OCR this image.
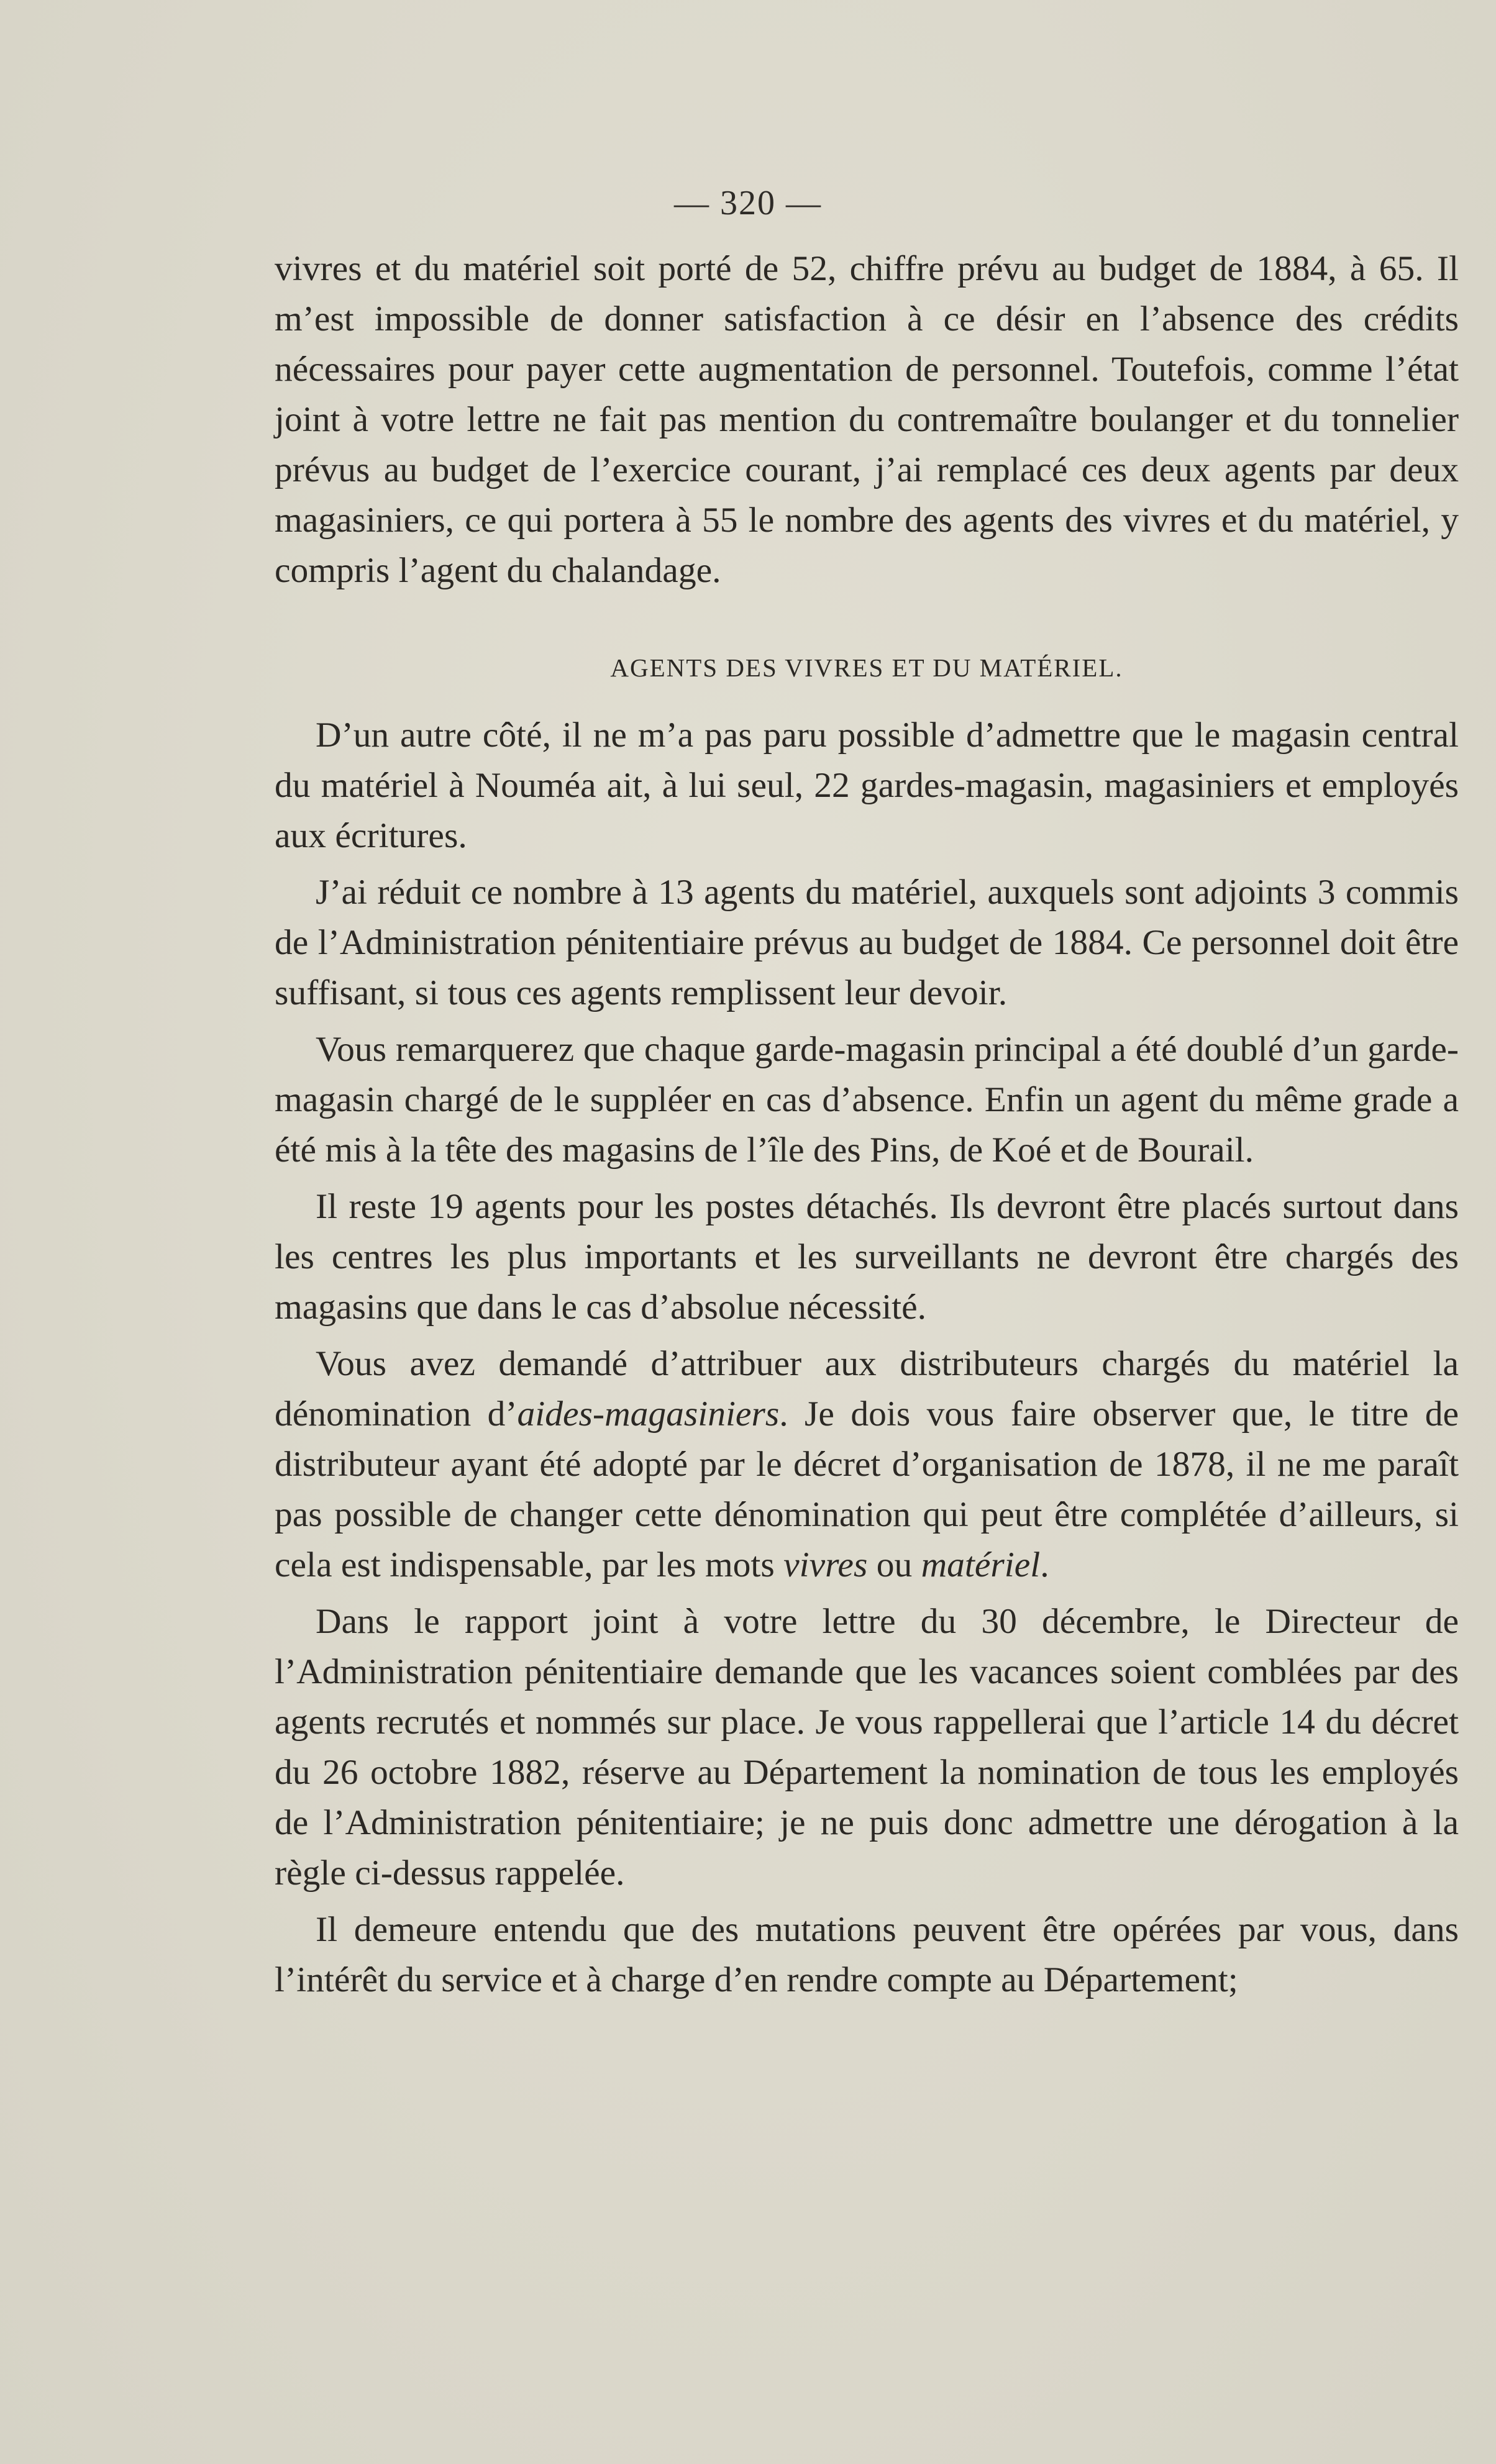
— 320 —

vivres et du matériel soit porté de 52, chiffre prévu au budget de 1884, à 65. Il m’est impossible de donner satisfaction à ce désir en l’absence des crédits nécessaires pour payer cette augmentation de personnel. Toutefois, comme l’état joint à votre lettre ne fait pas mention du contremaître boulanger et du tonnelier prévus au budget de l’exercice courant, j’ai remplacé ces deux agents par deux magasiniers, ce qui portera à 55 le nombre des agents des vivres et du matériel, y compris l’agent du chalandage.

AGENTS DES VIVRES ET DU MATÉRIEL.

D’un autre côté, il ne m’a pas paru possible d’admettre que le magasin central du matériel à Nouméa ait, à lui seul, 22 gardes-magasin, magasiniers et employés aux écritures.

J’ai réduit ce nombre à 13 agents du matériel, auxquels sont adjoints 3 commis de l’Administration pénitentiaire prévus au budget de 1884. Ce personnel doit être suffisant, si tous ces agents remplissent leur devoir.

Vous remarquerez que chaque garde-magasin principal a été doublé d’un garde-magasin chargé de le suppléer en cas d’absence. Enfin un agent du même grade a été mis à la tête des magasins de l’île des Pins, de Koé et de Bourail.

Il reste 19 agents pour les postes détachés. Ils devront être placés surtout dans les centres les plus importants et les surveillants ne devront être chargés des magasins que dans le cas d’absolue nécessité.

Vous avez demandé d’attribuer aux distributeurs chargés du matériel la dénomination d’aides-magasiniers. Je dois vous faire observer que, le titre de distributeur ayant été adopté par le décret d’organisation de 1878, il ne me paraît pas possible de changer cette dénomination qui peut être complétée d’ailleurs, si cela est indispensable, par les mots vivres ou matériel.

Dans le rapport joint à votre lettre du 30 décembre, le Directeur de l’Administration pénitentiaire demande que les vacances soient comblées par des agents recrutés et nommés sur place. Je vous rappellerai que l’article 14 du décret du 26 octobre 1882, réserve au Département la nomination de tous les employés de l’Administration pénitentiaire; je ne puis donc admettre une dérogation à la règle ci-dessus rappelée.

Il demeure entendu que des mutations peuvent être opérées par vous, dans l’intérêt du service et à charge d’en rendre compte au Département;
